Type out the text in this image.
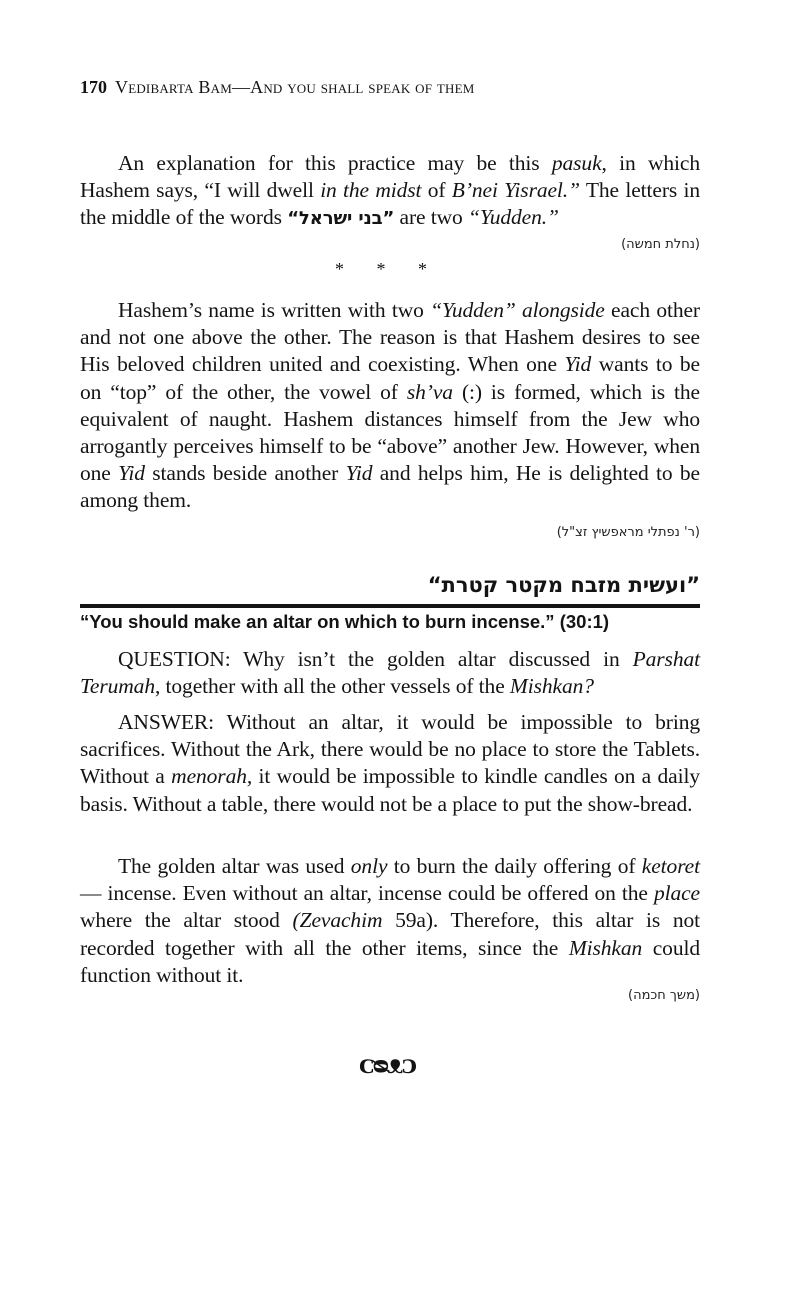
170 Vedibarta Bam—And you shall speak of them

An explanation for this practice may be this pasuk, in which Hashem says, “I will dwell in the midst of B’nei Yisrael.” The letters in the middle of the words ”בני ישראל“ are two “Yudden.”

(נחלת חמשה)
* * *

Hashem’s name is written with two “Yudden” alongside each other and not one above the other. The reason is that Hashem desires to see His beloved children united and coexisting. When one Yid wants to be on “top” of the other, the vowel of sh’va (:) is formed, which is the equivalent of naught. Hashem distances himself from the Jew who arrogantly perceives himself to be “above” another Jew. However, when one Yid stands beside another Yid and helps him, He is delighted to be among them.

(ר' נפתלי מראפשיץ זצ"ל)
”ועשית מזבח מקטר קטרת“
“You should make an altar on which to burn incense.” (30:1)

QUESTION: Why isn’t the golden altar discussed in Parshat Terumah, together with all the other vessels of the Mishkan?

ANSWER: Without an altar, it would be impossible to bring sacrifices. Without the Ark, there would be no place to store the Tablets. Without a menorah, it would be impossible to kindle candles on a daily basis. Without a table, there would not be a place to put the show-bread.

The golden altar was used only to burn the daily offering of ketoret — incense. Even without an altar, incense could be offered on the place where the altar stood (Zevachim 59a). Therefore, this altar is not recorded together with all the other items, since the Mishkan could function without it.

(משך חכמה)
ᴄᴓᴥᴐ
